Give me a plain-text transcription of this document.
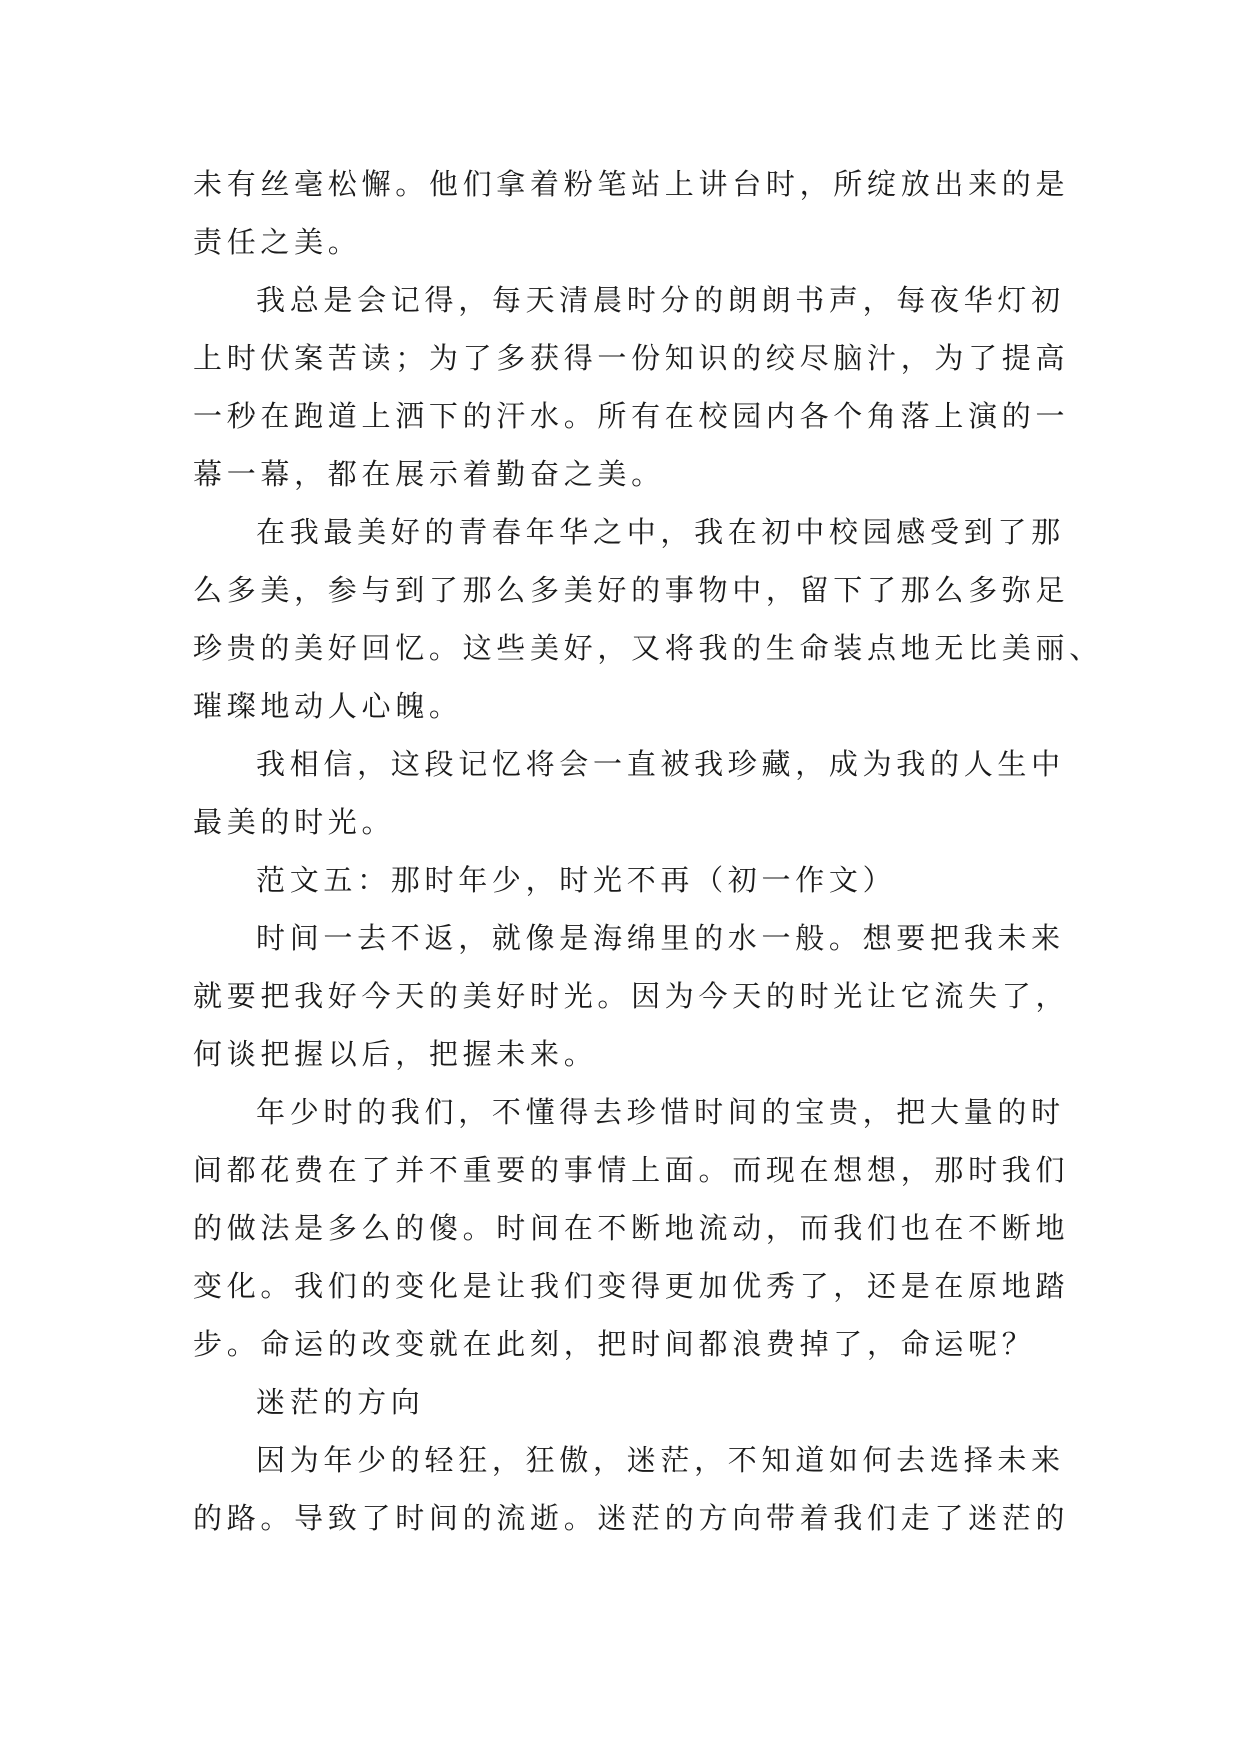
未有丝毫松懈。他们拿着粉笔站上讲台时，所绽放出来的是
责任之美。
我总是会记得，每天清晨时分的朗朗书声，每夜华灯初
上时伏案苦读；为了多获得一份知识的绞尽脑汁，为了提高
一秒在跑道上洒下的汗水。所有在校园内各个角落上演的一
幕一幕，都在展示着勤奋之美。
在我最美好的青春年华之中，我在初中校园感受到了那
么多美，参与到了那么多美好的事物中，留下了那么多弥足
珍贵的美好回忆。这些美好，又将我的生命装点地无比美丽、
璀璨地动人心魄。
我相信，这段记忆将会一直被我珍藏，成为我的人生中
最美的时光。
范文五：那时年少，时光不再（初一作文）
时间一去不返，就像是海绵里的水一般。想要把我未来
就要把我好今天的美好时光。因为今天的时光让它流失了，
何谈把握以后，把握未来。
年少时的我们，不懂得去珍惜时间的宝贵，把大量的时
间都花费在了并不重要的事情上面。而现在想想，那时我们
的做法是多么的傻。时间在不断地流动，而我们也在不断地
变化。我们的变化是让我们变得更加优秀了，还是在原地踏
步。命运的改变就在此刻，把时间都浪费掉了，命运呢？
迷茫的方向
因为年少的轻狂，狂傲，迷茫，不知道如何去选择未来
的路。导致了时间的流逝。迷茫的方向带着我们走了迷茫的
